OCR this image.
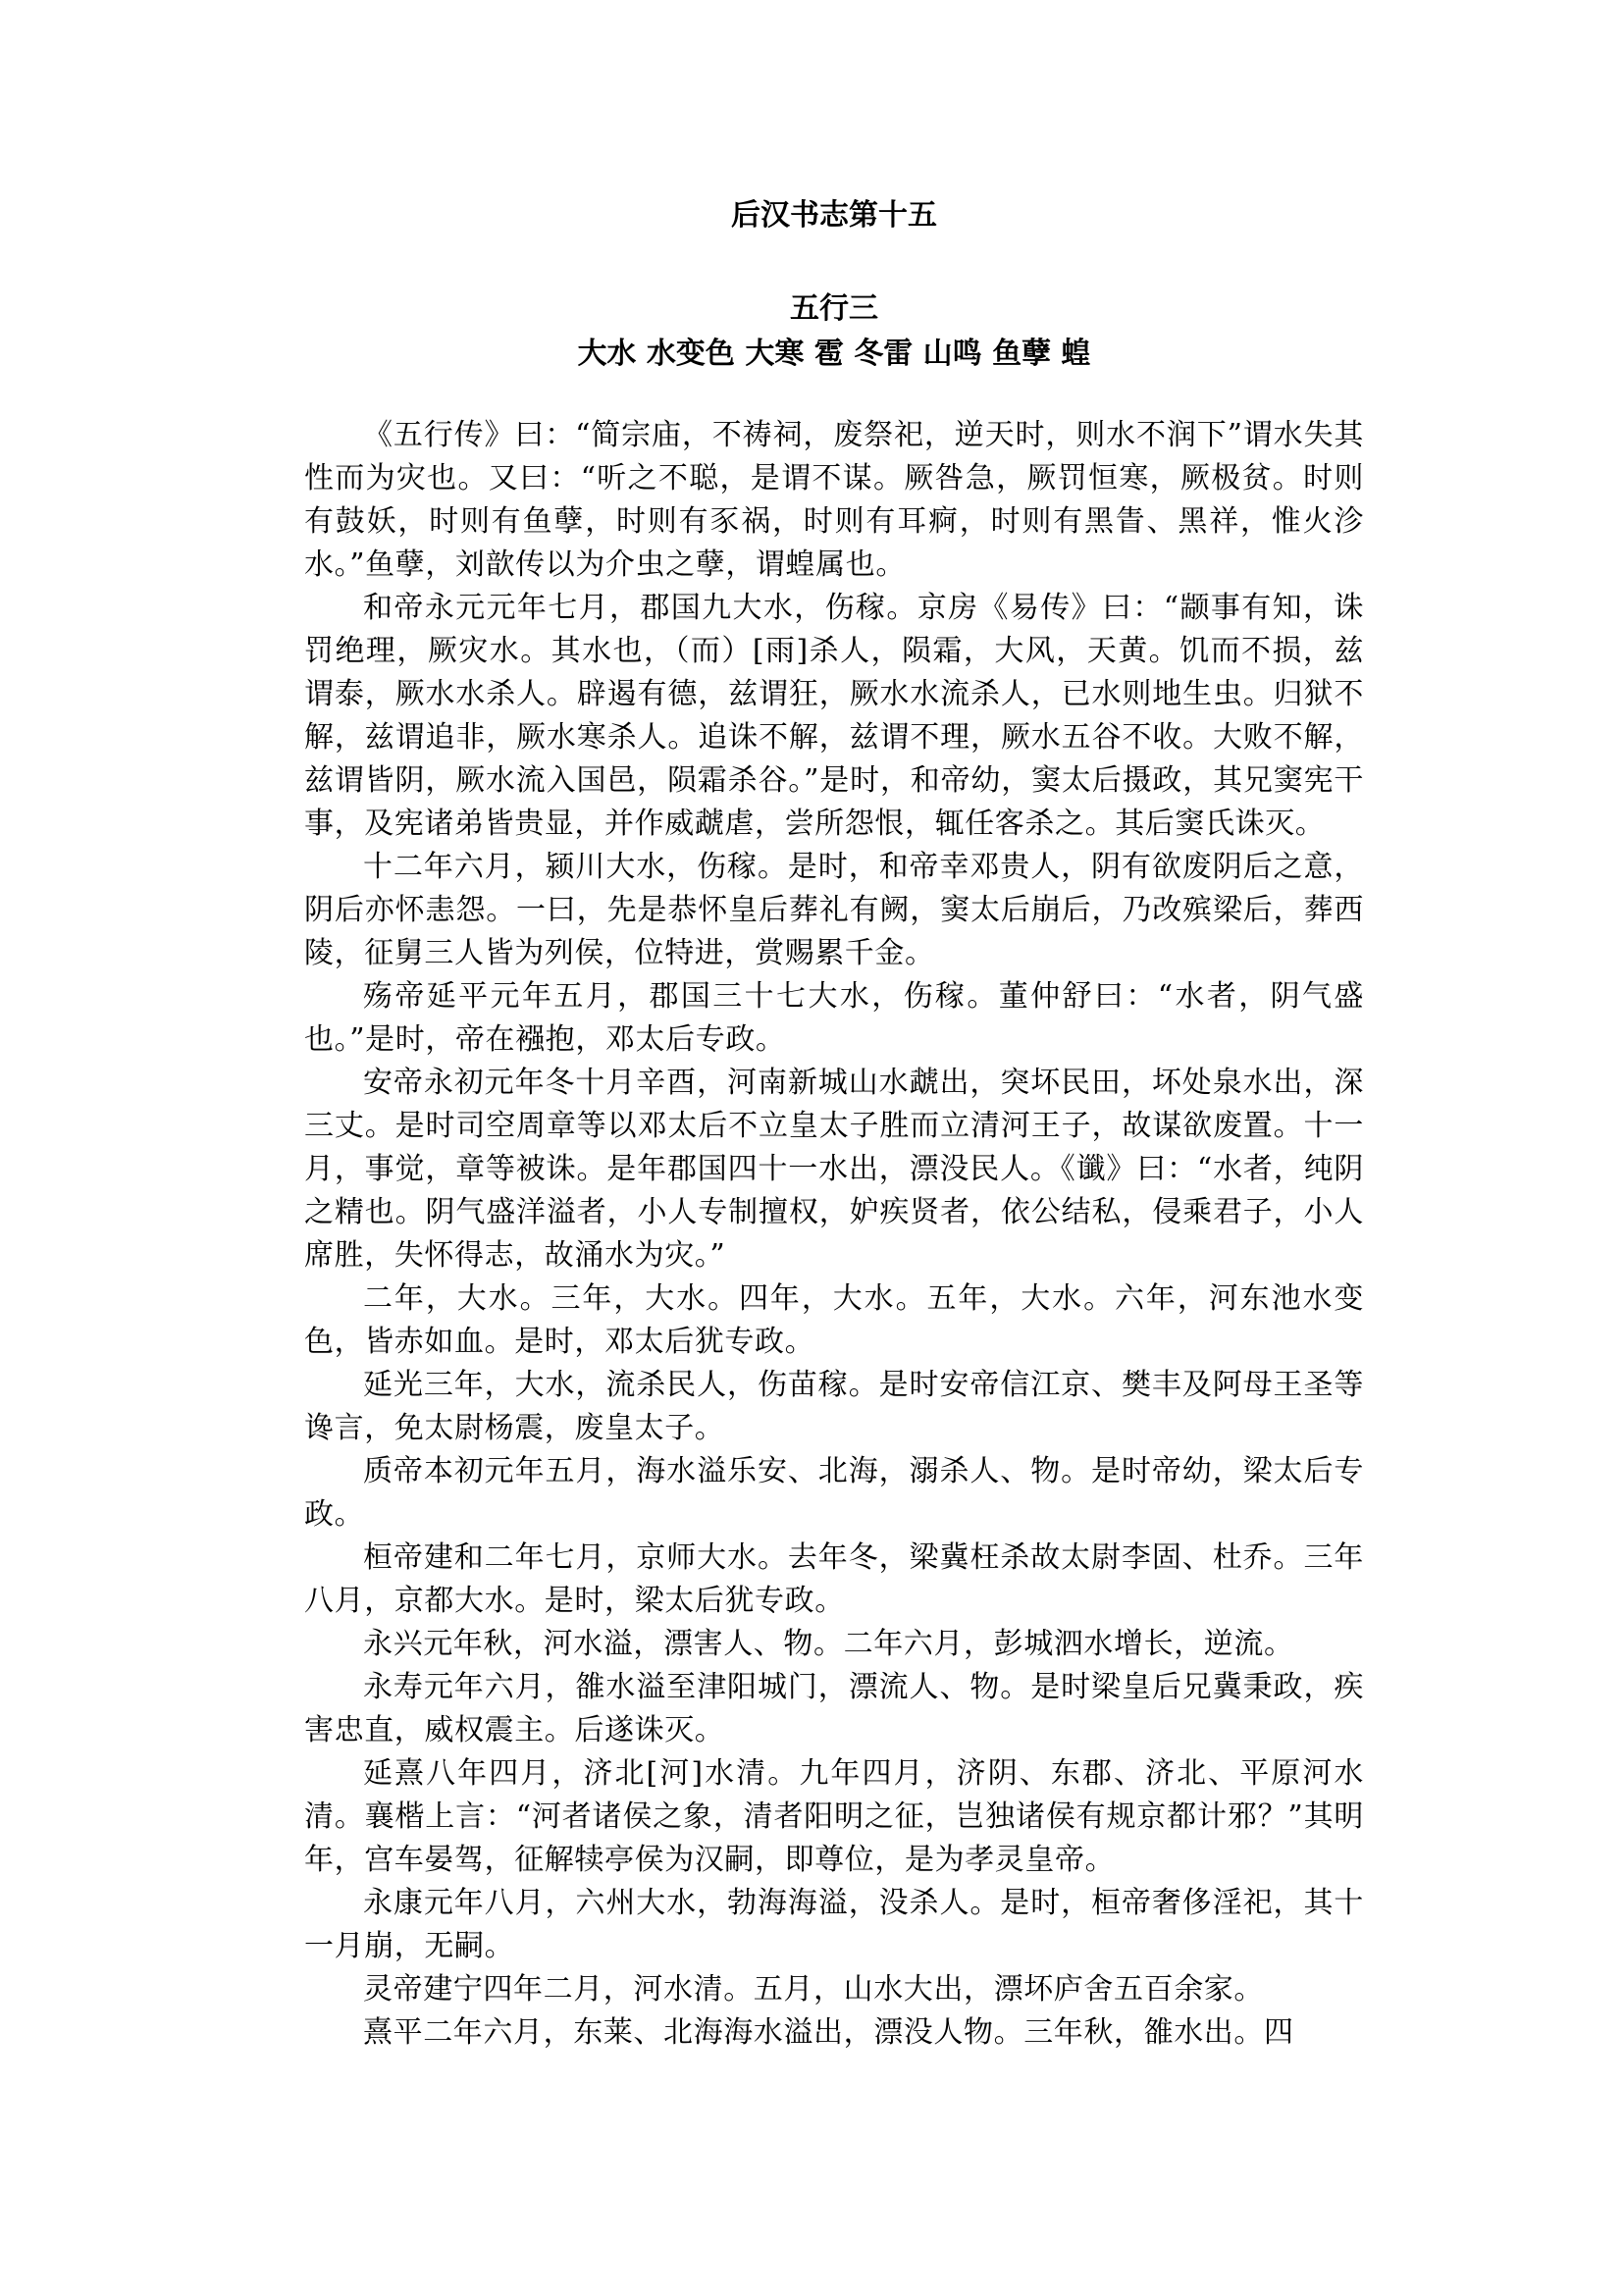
后汉书志第十五
五行三
大水 水变色 大寒 雹 冬雷 山鸣 鱼孽 蝗

《五行传》曰：“简宗庙，不祷祠，废祭祀，逆天时，则水不润下”谓水失其性而为灾也。又曰：“听之不聪，是谓不谋。厥咎急，厥罚恒寒，厥极贫。时则有鼓妖，时则有鱼孽，时则有豕祸，时则有耳痾，时则有黑眚、黑祥，惟火沴水。”鱼孽，刘歆传以为介虫之孽，谓蝗属也。

和帝永元元年七月，郡国九大水，伤稼。京房《易传》曰：“颛事有知，诛罚绝理，厥灾水。其水也，（而）[雨]杀人，陨霜，大风，天黄。饥而不损，兹谓泰，厥水水杀人。辟遏有德，兹谓狂，厥水水流杀人，已水则地生虫。归狱不解，兹谓追非，厥水寒杀人。追诛不解，兹谓不理，厥水五谷不收。大败不解，兹谓皆阴，厥水流入国邑，陨霜杀谷。”是时，和帝幼，窦太后摄政，其兄窦宪干事，及宪诸弟皆贵显，并作威虣虐，尝所怨恨，辄任客杀之。其后窦氏诛灭。

十二年六月，颍川大水，伤稼。是时，和帝幸邓贵人，阴有欲废阴后之意，阴后亦怀恚怨。一曰，先是恭怀皇后葬礼有阙，窦太后崩后，乃改殡梁后，葬西陵，征舅三人皆为列侯，位特进，赏赐累千金。

殇帝延平元年五月，郡国三十七大水，伤稼。董仲舒曰：“水者，阴气盛也。”是时，帝在襁抱，邓太后专政。

安帝永初元年冬十月辛酉，河南新城山水虣出，突坏民田，坏处泉水出，深三丈。是时司空周章等以邓太后不立皇太子胜而立清河王子，故谋欲废置。十一月，事觉，章等被诛。是年郡国四十一水出，漂没民人。《谶》曰：“水者，纯阴之精也。阴气盛洋溢者，小人专制擅权，妒疾贤者，依公结私，侵乘君子，小人席胜，失怀得志，故涌水为灾。”

二年，大水。三年，大水。四年，大水。五年，大水。六年，河东池水变色，皆赤如血。是时，邓太后犹专政。

延光三年，大水，流杀民人，伤苗稼。是时安帝信江京、樊丰及阿母王圣等谗言，免太尉杨震，废皇太子。

质帝本初元年五月，海水溢乐安、北海，溺杀人、物。是时帝幼，梁太后专政。

桓帝建和二年七月，京师大水。去年冬，梁冀枉杀故太尉李固、杜乔。三年八月，京都大水。是时，梁太后犹专政。

永兴元年秋，河水溢，漂害人、物。二年六月，彭城泗水增长，逆流。

永寿元年六月，雒水溢至津阳城门，漂流人、物。是时梁皇后兄冀秉政，疾害忠直，威权震主。后遂诛灭。

延熹八年四月，济北[河]水清。九年四月，济阴、东郡、济北、平原河水清。襄楷上言：“河者诸侯之象，清者阳明之征，岂独诸侯有规京都计邪？”其明年，宫车晏驾，征解犊亭侯为汉嗣，即尊位，是为孝灵皇帝。

永康元年八月，六州大水，勃海海溢，没杀人。是时，桓帝奢侈淫祀，其十一月崩，无嗣。

灵帝建宁四年二月，河水清。五月，山水大出，漂坏庐舍五百余家。

熹平二年六月，东莱、北海海水溢出，漂没人物。三年秋，雒水出。四
